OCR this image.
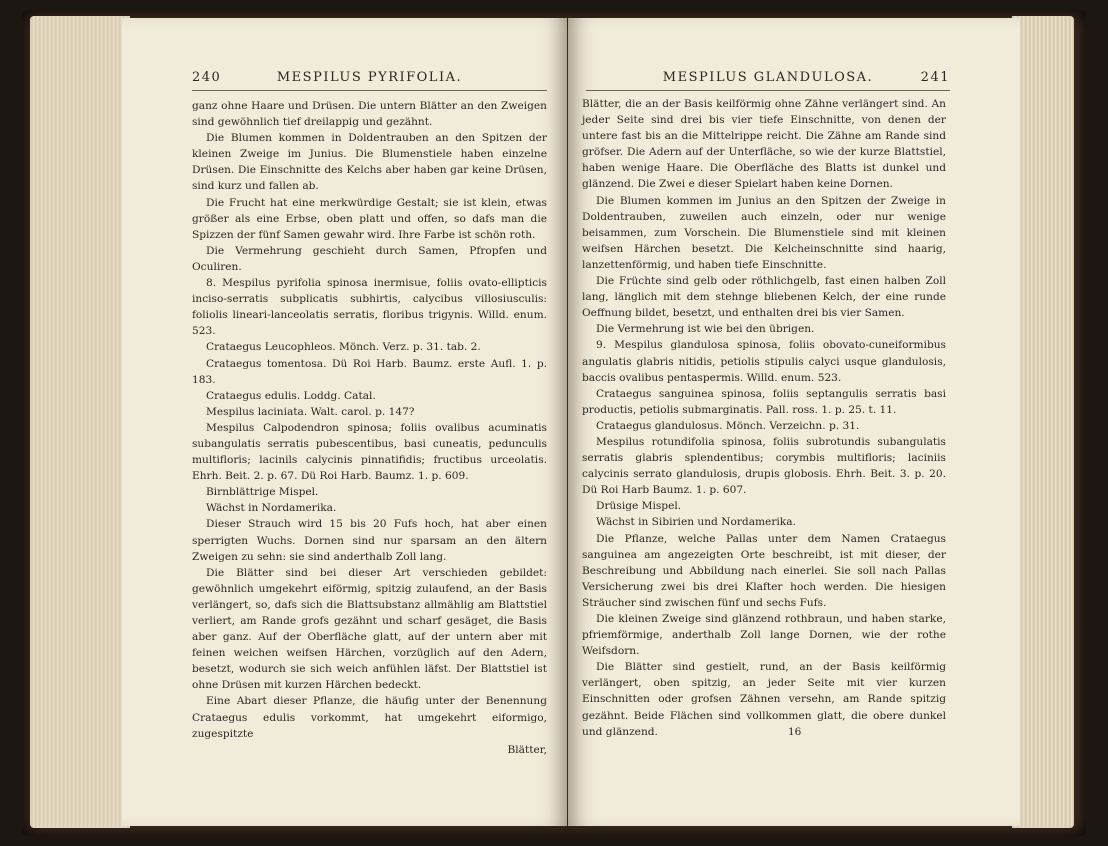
240	MESPILUS PYRIFOLIA.

ganz ohne Haare und Drüsen. Die untern Blätter an den Zweigen sind gewöhnlich tief dreilappig und gezähnt.

Die Blumen kommen in Doldentrauben an den Spitzen der kleinen Zweige im Junius. Die Blumenstiele haben einzelne Drüsen. Die Einschnitte des Kelchs aber haben gar keine Drüsen, sind kurz und fallen ab.

Die Frucht hat eine merkwürdige Gestalt; sie ist klein, etwas größer als eine Erbse, oben platt und offen, so dafs man die Spizzen der fünf Samen gewahr wird. Ihre Farbe ist schön roth.

Die Vermehrung geschieht durch Samen, Pfropfen und Oculiren.

8. Mespilus pyrifolia spinosa inermisue, foliis ovato-ellipticis inciso-serratis subplicatis subhirtis, calycibus villosiusculis: foliolis lineari-lanceolatis serratis, floribus trigynis. Willd. enum. 523.

Crataegus Leucophleos. Mönch. Verz. p. 31. tab. 2.

Crataegus tomentosa. Dü Roi Harb. Baumz. erste Aufl. 1. p. 183.

Crataegus edulis. Loddg. Catal.

Mespilus laciniata. Walt. carol. p. 147?

Mespilus Calpodendron spinosa; foliis ovalibus acuminatis subangulatis serratis pubescentibus, basi cuneatis, pedunculis multifloris; lacinils calycinis pinnatifidis; fructibus urceolatis. Ehrh. Beit. 2. p. 67. Dü Roi Harb. Baumz. 1. p. 609.

Birnblättrige Mispel.

Wächst in Nordamerika.

Dieser Strauch wird 15 bis 20 Fufs hoch, hat aber einen sperrigten Wuchs. Dornen sind nur sparsam an den ältern Zweigen zu sehn: sie sind anderthalb Zoll lang.

Die Blätter sind bei dieser Art verschieden gebildet: gewöhnlich umgekehrt eiförmig, spitzig zulaufend, an der Basis verlängert, so, dafs sich die Blattsubstanz allmählig am Blattstiel verliert, am Rande grofs gezähnt und scharf gesäget, die Basis aber ganz. Auf der Oberfläche glatt, auf der untern aber mit feinen weichen weifsen Härchen, vorzüglich auf den Adern, besetzt, wodurch sie sich weich anfühlen läfst. Der Blattstiel ist ohne Drüsen mit kurzen Härchen bedeckt.

Eine Abart dieser Pflanze, die häufig unter der Benennung Crataegus edulis vorkommt, hat umgekehrt eiformigo, zugespitzte

Blätter,

MESPILUS GLANDULOSA.	241

Blätter, die an der Basis keilförmig ohne Zähne verlängert sind. An jeder Seite sind drei bis vier tiefe Einschnitte, von denen der untere fast bis an die Mittelrippe reicht. Die Zähne am Rande sind gröfser. Die Adern auf der Unterfläche, so wie der kurze Blattstiel, haben wenige Haare. Die Oberfläche des Blatts ist dunkel und glänzend. Die Zwei e dieser Spielart haben keine Dornen.

Die Blumen kommen im Junius an den Spitzen der Zweige in Doldentrauben, zuweilen auch einzeln, oder nur wenige beisammen, zum Vorschein. Die Blumenstiele sind mit kleinen weifsen Härchen besetzt. Die Kelcheinschnitte sind haarig, lanzettenförmig, und haben tiefe Einschnitte.

Die Früchte sind gelb oder röthlichgelb, fast einen halben Zoll lang, länglich mit dem stehnge bliebenen Kelch, der eine runde Oeffnung bildet, besetzt, und enthalten drei bis vier Samen.

Die Vermehrung ist wie bei den übrigen.

9. Mespilus glandulosa spinosa, foliis obovato-cuneiformibus angulatis glabris nitidis, petiolis stipulis calyci usque glandulosis, baccis ovalibus pentaspermis. Willd. enum. 523.

Crataegus sanguinea spinosa, foliis septangulis serratis basi productis, petiolis submarginatis. Pall. ross. 1. p. 25. t. 11.

Crataegus glandulosus. Mönch. Verzeichn. p. 31.

Mespilus rotundifolia spinosa, foliis subrotundis subangulatis serratis glabris splendentibus; corymbis multifloris; laciniis calycinis serrato glandulosis, drupis globosis. Ehrh. Beit. 3. p. 20. Dü Roi Harb Baumz. 1. p. 607.

Drüsige Mispel.

Wächst in Sibirien und Nordamerika.

Die Pflanze, welche Pallas unter dem Namen Crataegus sanguinea am angezeigten Orte beschreibt, ist mit dieser, der Beschreibung und Abbildung nach einerlei. Sie soll nach Pallas Versicherung zwei bis drei Klafter hoch werden. Die hiesigen Sträucher sind zwischen fünf und sechs Fufs.

Die kleinen Zweige sind glänzend rothbraun, und haben starke, pfriemförmige, anderthalb Zoll lange Dornen, wie der rothe Weifsdorn.

Die Blätter sind gestielt, rund, an der Basis keilförmig verlängert, oben spitzig, an jeder Seite mit vier kurzen Einschnitten oder grofsen Zähnen versehn, am Rande spitzig gezähnt. Beide Flächen sind vollkommen glatt, die obere dunkel und glänzend.	16
